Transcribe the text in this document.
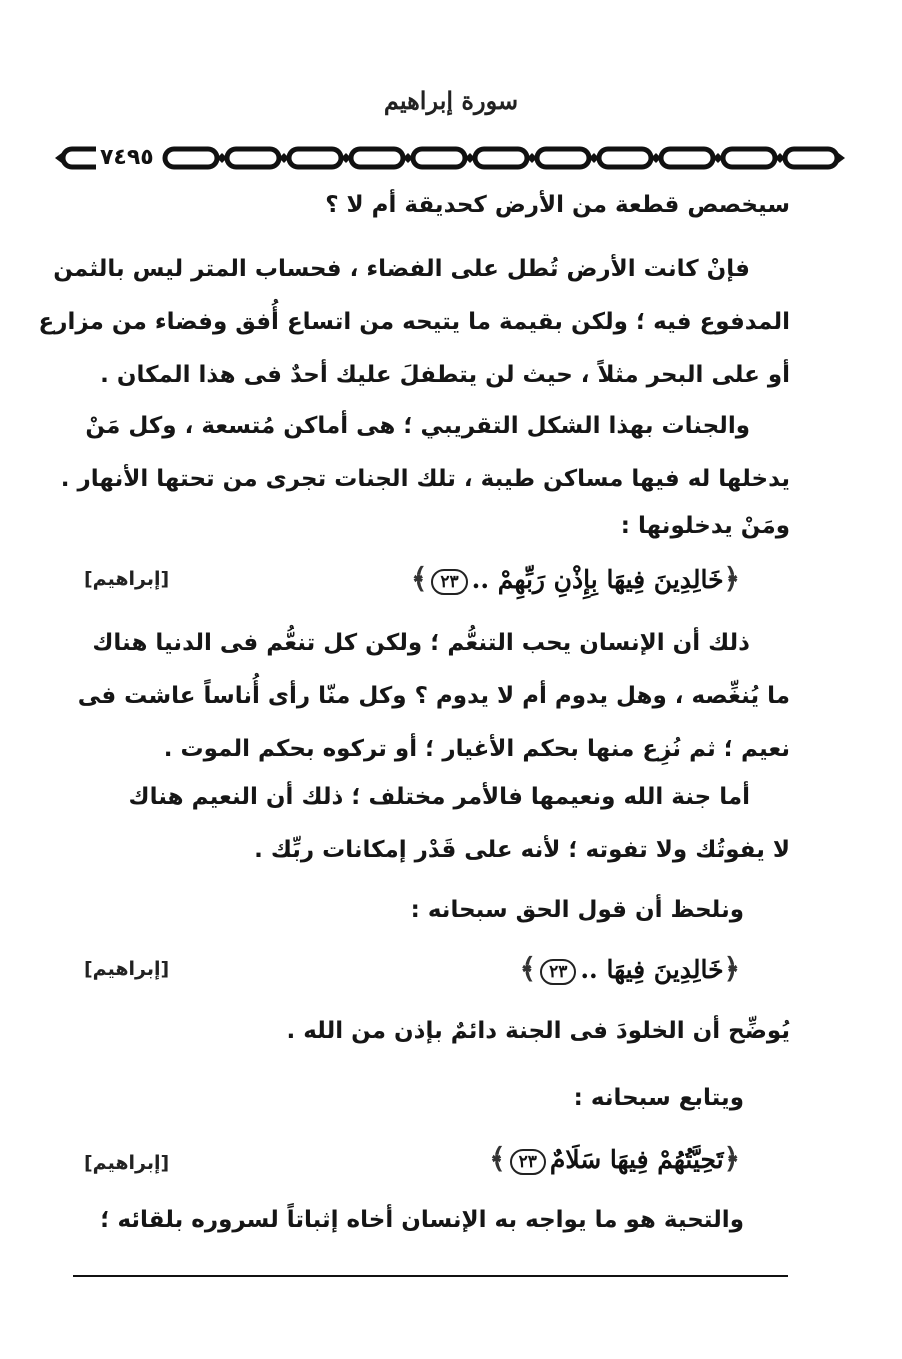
سورة إبراهيم
٧٤٩٥
سيخصص قطعة من الأرض كحديقة أم لا ؟
فإنْ كانت الأرض تُطل على الفضاء ، فحساب المتر ليس بالثمن
المدفوع فيه ؛ ولكن بقيمة ما يتيحه من اتساع أُفق وفضاء من مزارع
أو على البحر مثلاً ، حيث لن يتطفلَ عليك أحدٌ فى هذا المكان .
والجنات بهذا الشكل التقريبي ؛ هى أماكن مُتسعة ، وكل مَنْ
يدخلها له فيها مساكن طيبة ، تلك الجنات تجرى من تحتها الأنهار .
ومَنْ يدخلونها :
﴿خَالِدِينَ فِيهَا بِإِذْنِ رَبِّهِمْ ..٢٣﴾
[إبراهيم]
ذلك أن الإنسان يحب التنعُّم ؛ ولكن كل تنعُّم فى الدنيا هناك
ما يُنغِّصه ، وهل يدوم أم لا يدوم ؟ وكل منّا رأى أُناساً عاشت فى
نعيم ؛ ثم نُزِع منها بحكم الأغيار ؛ أو تركوه بحكم الموت .
أما جنة الله ونعيمها فالأمر مختلف ؛ ذلك أن النعيم هناك
لا يفوتُك ولا تفوته ؛ لأنه على قَدْر إمكانات ربِّك .
ونلحظ أن قول الحق سبحانه :
﴿خَالِدِينَ فِيهَا ..٢٣﴾
[إبراهيم]
يُوضِّح أن الخلودَ فى الجنة دائمٌ بإذن من الله .
ويتابع سبحانه :
﴿تَحِيَّتُهُمْ فِيهَا سَلَامٌ٢٣﴾
[إبراهيم]
والتحية هو ما يواجه به الإنسان أخاه إثباتاً لسروره بلقائه ؛
